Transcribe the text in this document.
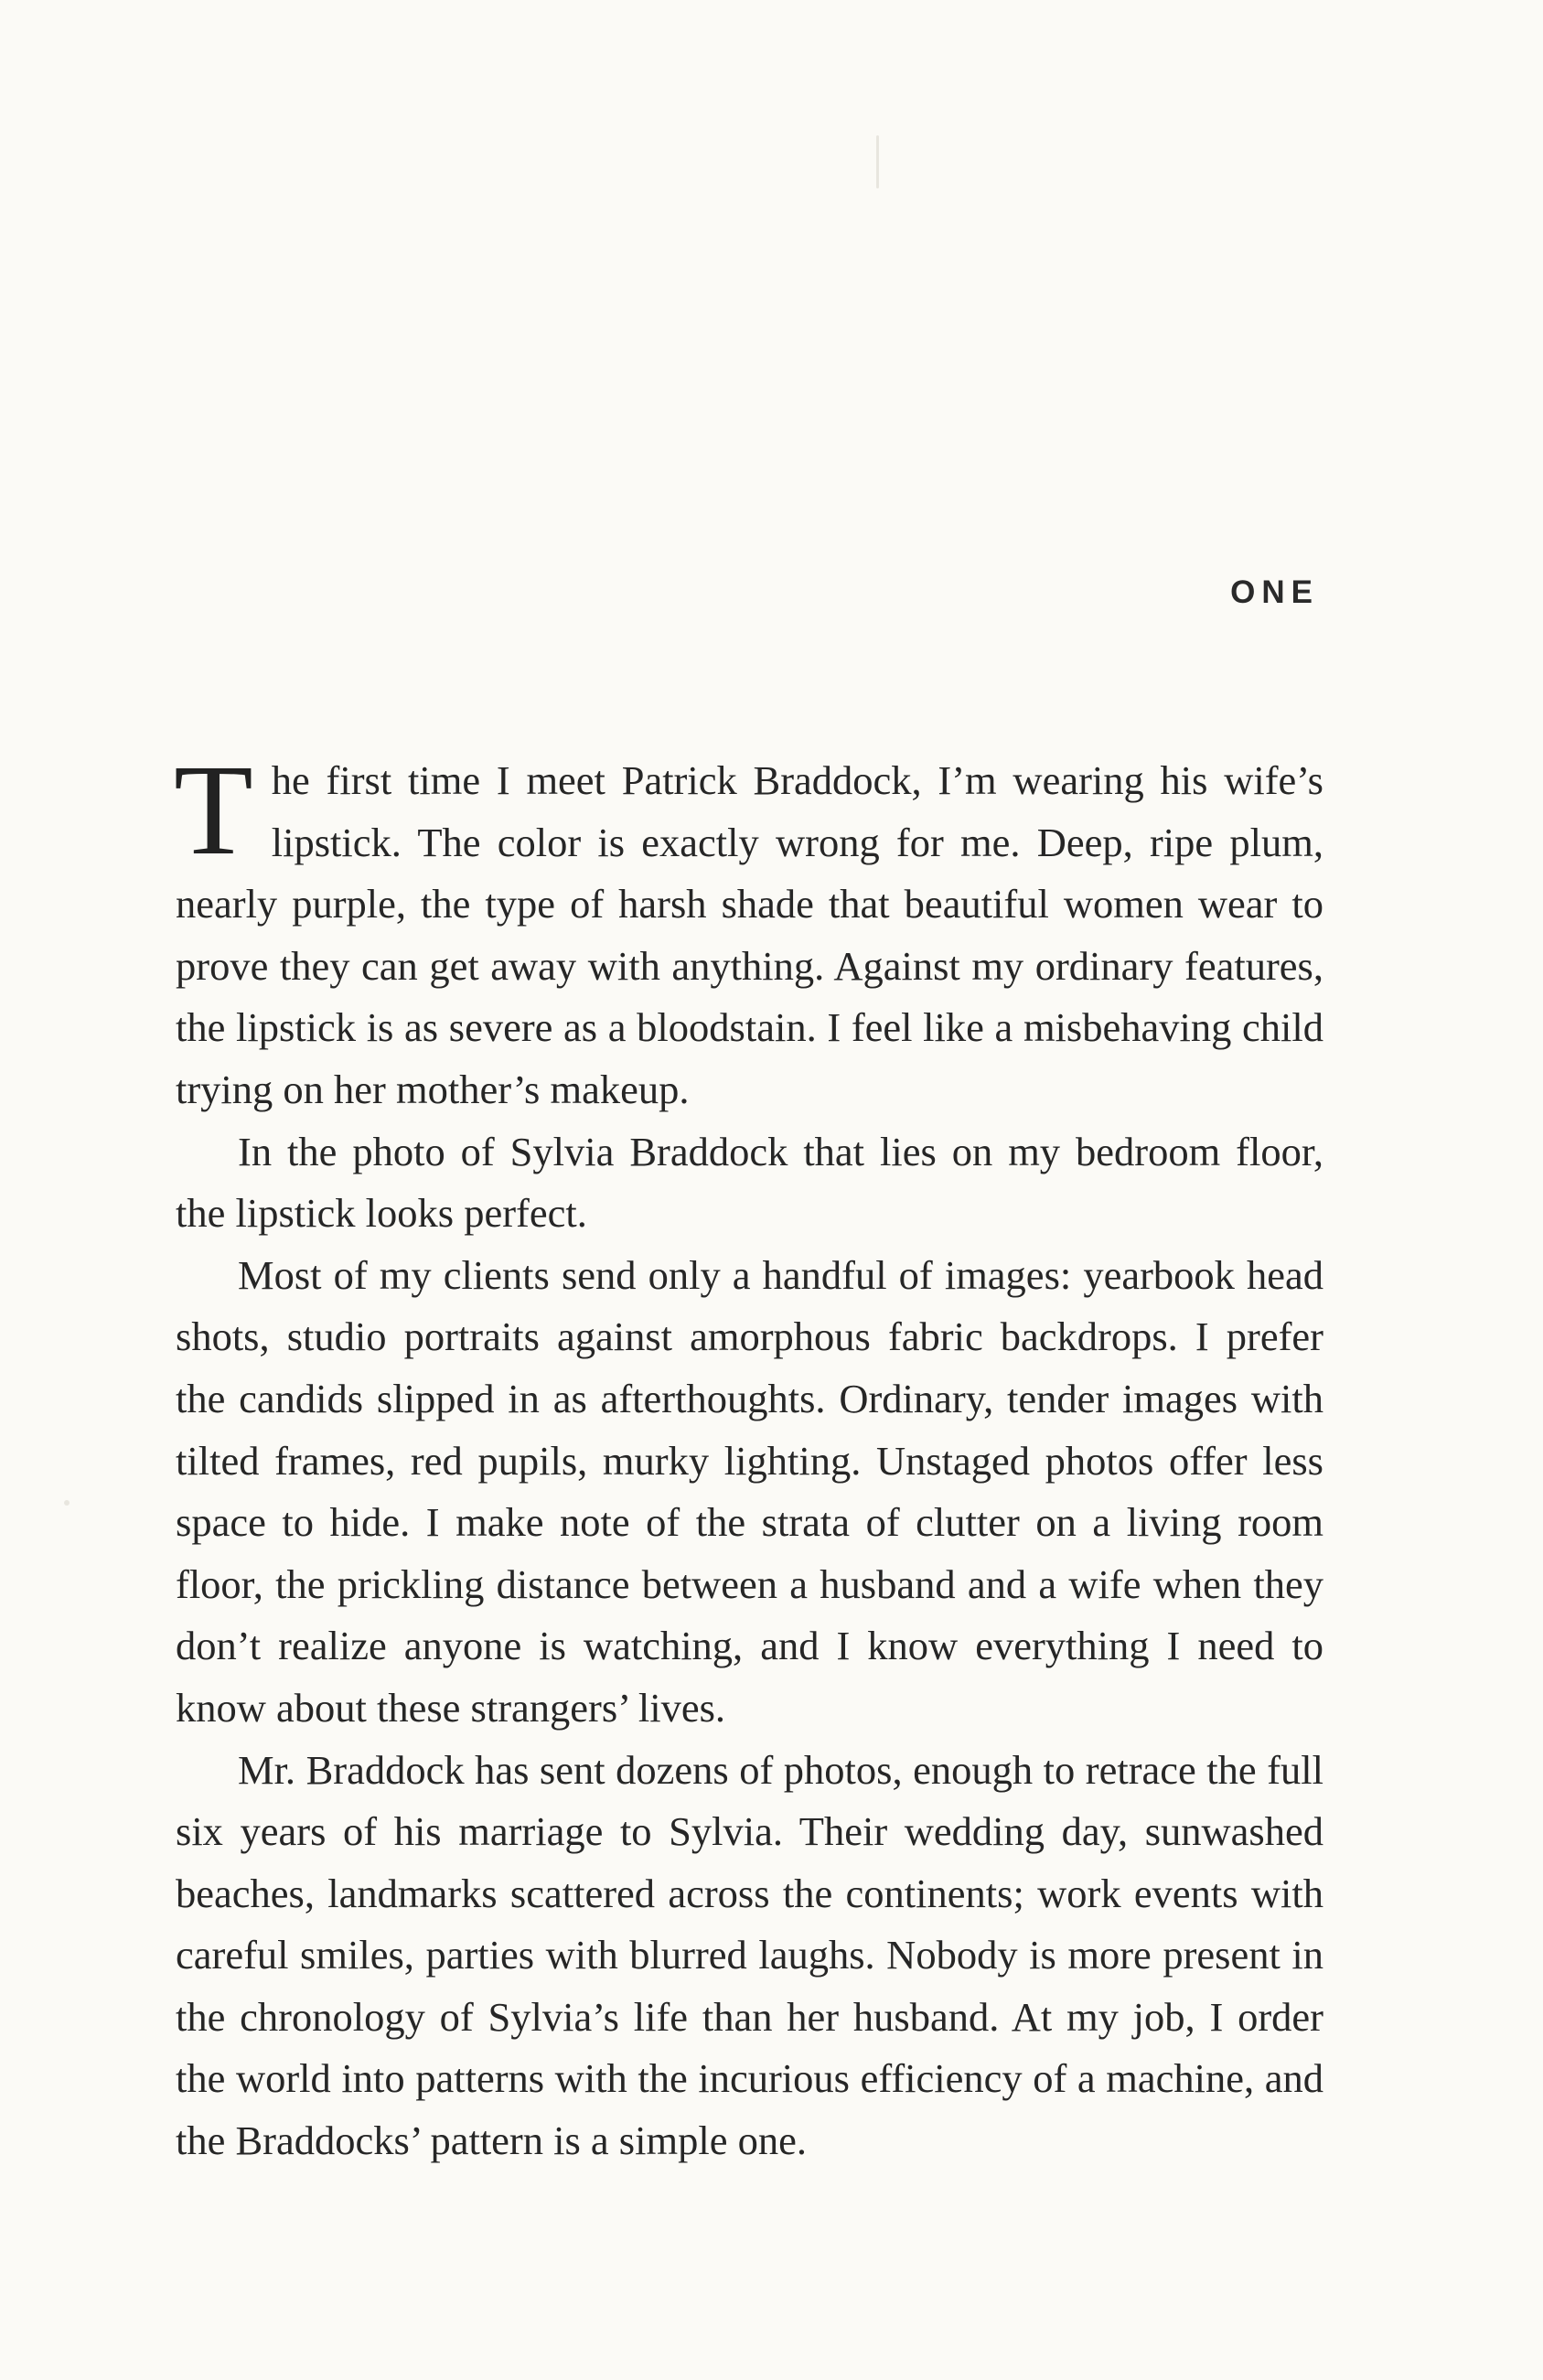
ONE

The first time I meet Patrick Braddock, I’m wearing his wife’s lipstick. The color is exactly wrong for me. Deep, ripe plum, nearly purple, the type of harsh shade that beautiful women wear to prove they can get away with anything. Against my ordinary features, the lipstick is as severe as a bloodstain. I feel like a misbehaving child trying on her mother’s makeup.

In the photo of Sylvia Braddock that lies on my bedroom floor, the lipstick looks perfect.

Most of my clients send only a handful of images: yearbook head shots, studio portraits against amorphous fabric backdrops. I prefer the candids slipped in as afterthoughts. Ordinary, tender images with tilted frames, red pupils, murky lighting. Unstaged photos offer less space to hide. I make note of the strata of clutter on a living room floor, the prickling distance between a husband and a wife when they don’t realize anyone is watching, and I know everything I need to know about these strangers’ lives.

Mr. Braddock has sent dozens of photos, enough to retrace the full six years of his marriage to Sylvia. Their wedding day, sunwashed beaches, landmarks scattered across the continents; work events with careful smiles, parties with blurred laughs. Nobody is more present in the chronology of Sylvia’s life than her husband. At my job, I order the world into patterns with the incurious efficiency of a machine, and the Braddocks’ pattern is a simple one.
